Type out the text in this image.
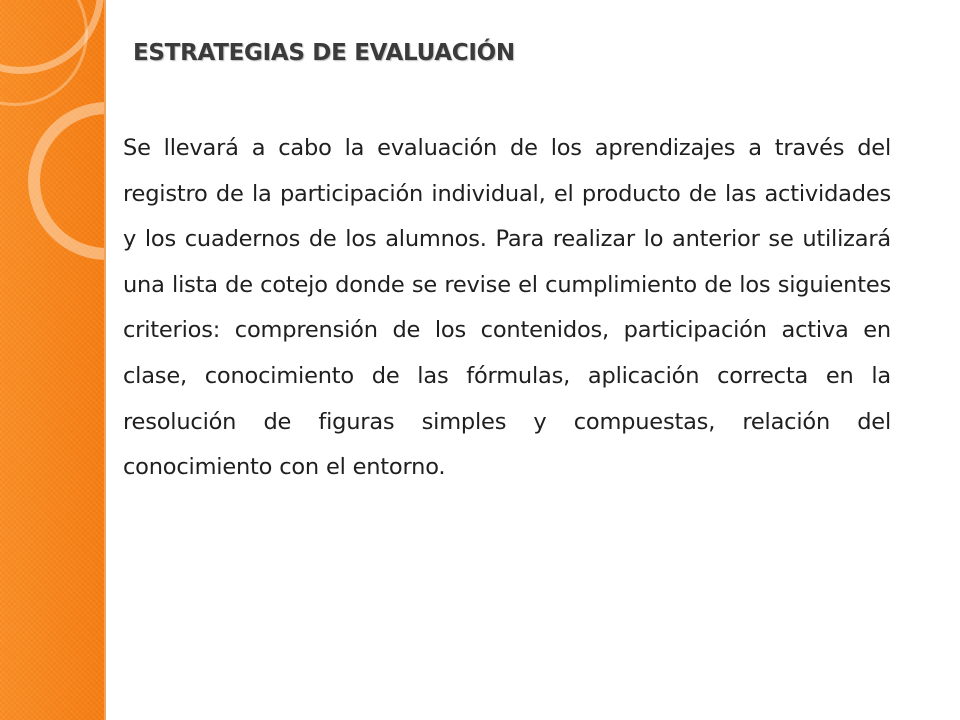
ESTRATEGIAS DE EVALUACIÓN

Se llevará a cabo la evaluación de los aprendizajes a través del registro de la participación individual, el producto de las actividades y los cuadernos de los alumnos. Para realizar lo anterior se utilizará una lista de cotejo donde se revise el cumplimiento de los siguientes criterios: comprensión de los contenidos, participación activa en clase, conocimiento de las fórmulas, aplicación correcta en la resolución de figuras simples y compuestas, relación del conocimiento con el entorno.
